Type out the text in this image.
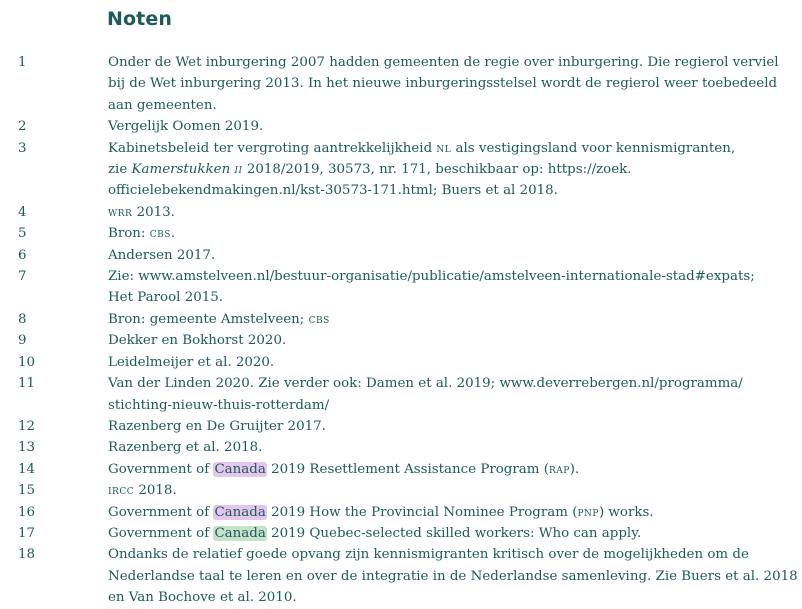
Noten
1	Onder de Wet inburgering 2007 hadden gemeenten de regie over inburgering. Die regierol verviel bij de Wet inburgering 2013. In het nieuwe inburgeringsstelsel wordt de regierol weer toebedeeld aan gemeenten.
2	Vergelijk Oomen 2019.
3	Kabinetsbeleid ter vergroting aantrekkelijkheid nl als vestigingsland voor kennismigranten,
zie Kamerstukken ii 2018/2019, 30573, nr. 171, beschikbaar op: https://zoek.
officielebekendmakingen.nl/kst-30573-171.html; Buers et al 2018.
4	wrr 2013.
5	Bron: cbs.
6	Andersen 2017.
7	Zie: www.amstelveen.nl/bestuur-organisatie/publicatie/amstelveen-internationale-stad#expats;
Het Parool 2015.
8	Bron: gemeente Amstelveen; cbs
9	Dekker en Bokhorst 2020.
10	Leidelmeijer et al. 2020.
11	Van der Linden 2020. Zie verder ook: Damen et al. 2019; www.deverrebergen.nl/programma/
stichting-nieuw-thuis-rotterdam/
12	Razenberg en De Gruijter 2017.
13	Razenberg et al. 2018.
14	Government of Canada 2019 Resettlement Assistance Program (rap).
15	ircc 2018.
16	Government of Canada 2019 How the Provincial Nominee Program (pnp) works.
17	Government of Canada 2019 Quebec-selected skilled workers: Who can apply.
18	Ondanks de relatief goede opvang zijn kennismigranten kritisch over de mogelijkheden om de Nederlandse taal te leren en over de integratie in de Nederlandse samenleving. Zie Buers et al. 2018 en Van Bochove et al. 2010.
